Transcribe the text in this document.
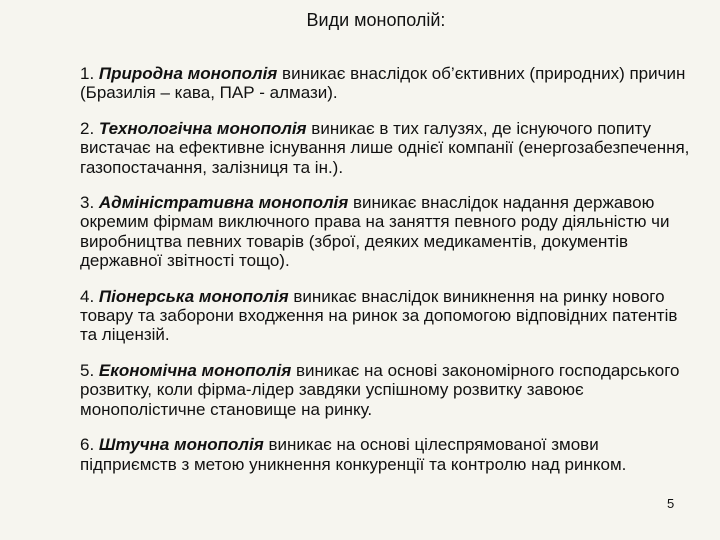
Види монополій:
1. Природна монополія виникає внаслідок об’єктивних (природних) причин (Бразилія – кава, ПАР - алмази).
2. Технологічна монополія виникає в тих галузях, де існуючого попиту вистачає на ефективне існування лише однієї компанії (енергозабезпечення, газопостачання, залізниця та ін.).
3. Адміністративна монополія виникає внаслідок надання державою окремим фірмам виключного права на заняття певного роду діяльністю чи виробництва певних товарів (зброї, деяких медикаментів, документів державної звітності тощо).
4. Піонерська монополія виникає внаслідок виникнення на ринку нового товару та заборони входження на ринок за допомогою відповідних патентів та ліцензій.
5. Економічна монополія виникає на основі закономірного господарського розвитку, коли фірма-лідер завдяки успішному розвитку завоює монополістичне становище на ринку.
6. Штучна монополія виникає на основі цілеспрямованої змови підприємств з метою уникнення конкуренції та контролю над ринком.
5
